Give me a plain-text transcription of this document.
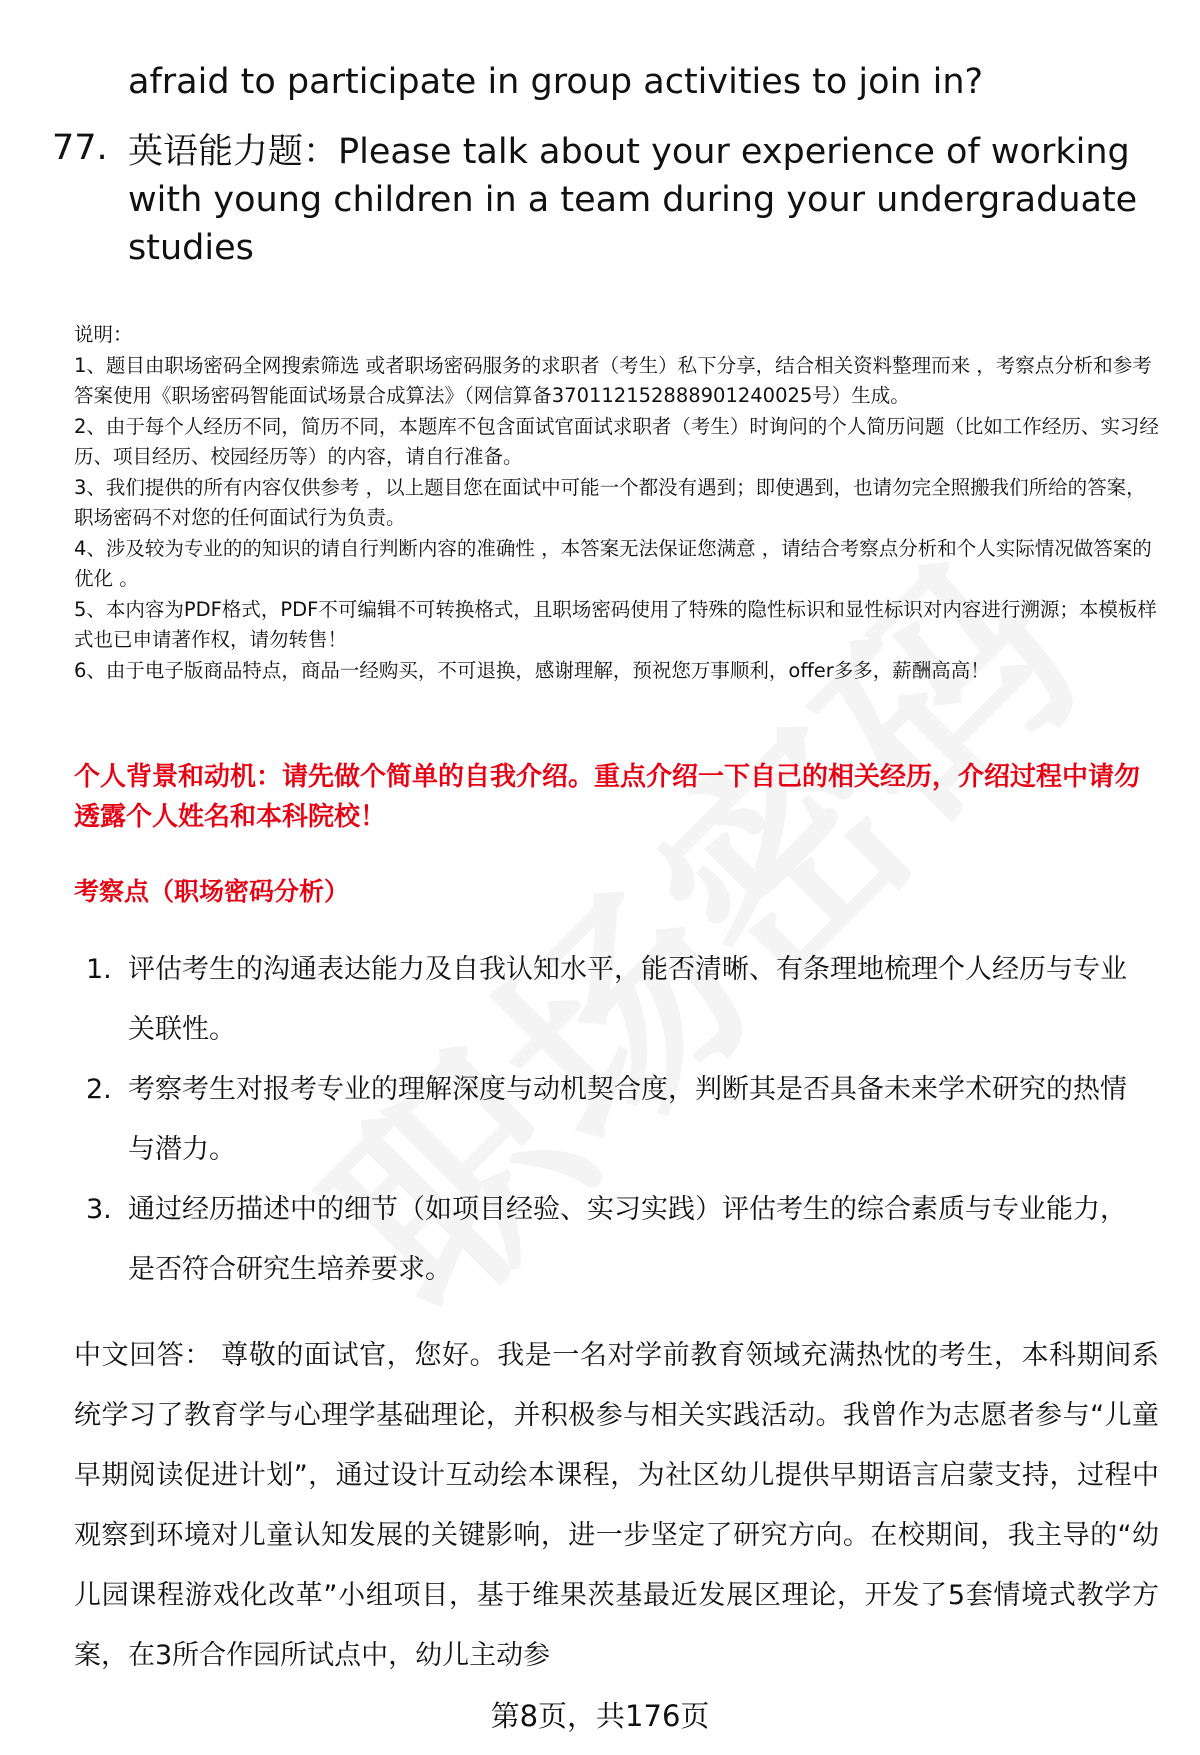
afraid to participate in group activities to join in?
77. 英语能力题：Please talk about your experience of working with young children in a team during your undergraduate studies
说明：
1、题目由职场密码全网搜索筛选 或者职场密码服务的求职者（考生）私下分享，结合相关资料整理而来 ，考察点分析和参考答案使用《职场密码智能面试场景合成算法》（网信算备370112152888901240025号）生成。
2、由于每个人经历不同，简历不同，本题库不包含面试官面试求职者（考生）时询问的个人简历问题（比如工作经历、实习经历、项目经历、校园经历等）的内容，请自行准备。
3、我们提供的所有内容仅供参考 ，以上题目您在面试中可能一个都没有遇到；即使遇到，也请勿完全照搬我们所给的答案，职场密码不对您的任何面试行为负责。
4、涉及较为专业的的知识的请自行判断内容的准确性 ，本答案无法保证您满意 ，请结合考察点分析和个人实际情况做答案的优化 。
5、本内容为PDF格式，PDF不可编辑不可转换格式，且职场密码使用了特殊的隐性标识和显性标识对内容进行溯源；本模板样式也已申请著作权，请勿转售！
6、由于电子版商品特点，商品一经购买，不可退换，感谢理解，预祝您万事顺利，offer多多，薪酬高高！
个人背景和动机：请先做个简单的自我介绍。重点介绍一下自己的相关经历，介绍过程中请勿透露个人姓名和本科院校！
考察点（职场密码分析）
1. 评估考生的沟通表达能力及自我认知水平，能否清晰、有条理地梳理个人经历与专业关联性。
2. 考察考生对报考专业的理解深度与动机契合度，判断其是否具备未来学术研究的热情与潜力。
3. 通过经历描述中的细节（如项目经验、实习实践）评估考生的综合素质与专业能力，是否符合研究生培养要求。
中文回答： 尊敬的面试官，您好。我是一名对学前教育领域充满热忱的考生，本科期间系统学习了教育学与心理学基础理论，并积极参与相关实践活动。我曾作为志愿者参与“儿童早期阅读促进计划”，通过设计互动绘本课程，为社区幼儿提供早期语言启蒙支持，过程中观察到环境对儿童认知发展的关键影响，进一步坚定了研究方向。在校期间，我主导的“幼儿园课程游戏化改革”小组项目，基于维果茨基最近发展区理论，开发了5套情境式教学方案，在3所合作园所试点中，幼儿主动参
第8页，共176页
